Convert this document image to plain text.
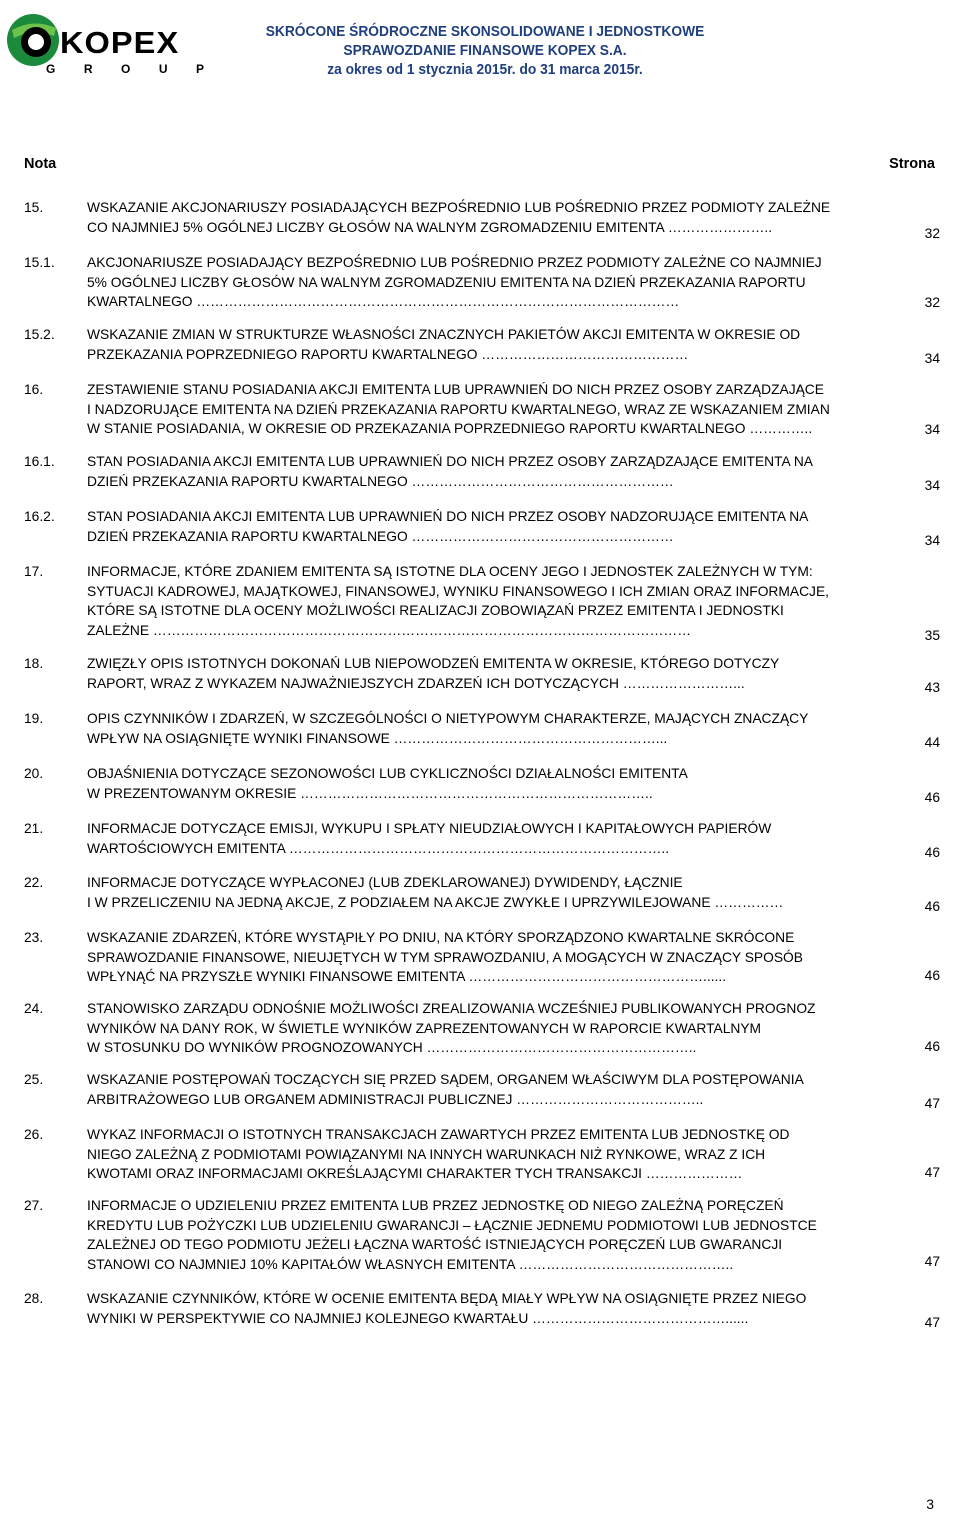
KOPEX
G R O U P
SKRÓCONE ŚRÓDROCZNE SKONSOLIDOWANE I JEDNOSTKOWE
SPRAWOZDANIE FINANSOWE KOPEX S.A.
za okres od 1 stycznia 2015r. do 31 marca 2015r.
Nota	Strona
15.	WSKAZANIE AKCJONARIUSZY POSIADAJĄCYCH BEZPOŚREDNIO LUB POŚREDNIO PRZEZ PODMIOTY ZALEŻNE
CO NAJMNIEJ 5% OGÓLNEJ LICZBY GŁOSÓW NA WALNYM ZGROMADZENIU EMITENTA …………………..	32
15.1. AKCJONARIUSZE POSIADAJĄCY BEZPOŚREDNIO LUB POŚREDNIO PRZEZ PODMIOTY ZALEŻNE CO NAJMNIEJ
5% OGÓLNEJ LICZBY GŁOSÓW NA WALNYM ZGROMADZENIU EMITENTA NA DZIEŃ PRZEKAZANIA RAPORTU
KWARTALNEGO ……………………………………………………………………………………………	32
15.2. WSKAZANIE ZMIAN W STRUKTURZE WŁASNOŚCI ZNACZNYCH PAKIETÓW AKCJI EMITENTA W OKRESIE OD
PRZEKAZANIA POPRZEDNIEGO RAPORTU KWARTALNEGO ………………………………………	34
16.	ZESTAWIENIE STANU POSIADANIA AKCJI EMITENTA LUB UPRAWNIEŃ DO NICH PRZEZ OSOBY ZARZĄDZAJĄCE
I NADZORUJĄCE EMITENTA NA DZIEŃ PRZEKAZANIA RAPORTU KWARTALNEGO, WRAZ ZE WSKAZANIEM ZMIAN
W STANIE POSIADANIA, W OKRESIE OD PRZEKAZANIA POPRZEDNIEGO RAPORTU KWARTALNEGO …………..	34
16.1. STAN POSIADANIA AKCJI EMITENTA LUB UPRAWNIEŃ DO NICH PRZEZ OSOBY ZARZĄDZAJĄCE EMITENTA NA
DZIEŃ PRZEKAZANIA RAPORTU KWARTALNEGO …………………………………………………	34
16.2. STAN POSIADANIA AKCJI EMITENTA LUB UPRAWNIEŃ DO NICH PRZEZ OSOBY NADZORUJĄCE EMITENTA NA
DZIEŃ PRZEKAZANIA RAPORTU KWARTALNEGO …………………………………………………	34
17.	INFORMACJE, KTÓRE ZDANIEM EMITENTA SĄ ISTOTNE DLA OCENY JEGO I JEDNOSTEK ZALEŻNYCH W TYM:
SYTUACJI KADROWEJ, MAJĄTKOWEJ, FINANSOWEJ, WYNIKU FINANSOWEGO I ICH ZMIAN ORAZ INFORMACJE,
KTÓRE SĄ ISTOTNE DLA OCENY MOŻLIWOŚCI REALIZACJI ZOBOWIĄZAŃ PRZEZ EMITENTA I JEDNOSTKI
ZALEŻNE ………………………………………………………………………………………………………	35
18.	ZWIĘZŁY OPIS ISTOTNYCH DOKONAŃ LUB NIEPOWODZEŃ EMITENTA W OKRESIE, KTÓREGO DOTYCZY
RAPORT, WRAZ Z WYKAZEM NAJWAŻNIEJSZYCH ZDARZEŃ ICH DOTYCZĄCYCH ……………………...	43
19.	OPIS CZYNNIKÓW I ZDARZEŃ, W SZCZEGÓLNOŚCI O NIETYPOWYM CHARAKTERZE, MAJĄCYCH ZNACZĄCY
WPŁYW NA OSIĄGNIĘTE WYNIKI FINANSOWE …………………………………………………...	44
20.	OBJAŚNIENIA DOTYCZĄCE SEZONOWOŚCI LUB CYKLICZNOŚCI DZIAŁALNOŚCI EMITENTA
W PREZENTOWANYM OKRESIE …………………………………………………………………..	46
21.	INFORMACJE DOTYCZĄCE EMISJI, WYKUPU I SPŁATY NIEUDZIAŁOWYCH I KAPITAŁOWYCH PAPIERÓW
WARTOŚCIOWYCH EMITENTA ………………………………………………………………………..	46
22.	INFORMACJE DOTYCZĄCE WYPŁACONEJ (LUB ZDEKLAROWANEJ) DYWIDENDY, ŁĄCZNIE
I W PRZELICZENIU NA JEDNĄ AKCJE, Z PODZIAŁEM NA AKCJE ZWYKŁE I UPRZYWILEJOWANE ……………	46
23.	WSKAZANIE ZDARZEŃ, KTÓRE WYSTĄPIŁY PO DNIU, NA KTÓRY SPORZĄDZONO KWARTALNE SKRÓCONE
SPRAWOZDANIE FINANSOWE, NIEUJĘTYCH W TYM SPRAWOZDANIU, A MOGĄCYCH W ZNACZĄCY SPOSÓB
WPŁYNĄĆ NA PRZYSZŁE WYNIKI FINANSOWE EMITENTA ……………………………………………......	46
24.	STANOWISKO ZARZĄDU ODNOŚNIE MOŻLIWOŚCI ZREALIZOWANIA WCZEŚNIEJ PUBLIKOWANYCH PROGNOZ
WYNIKÓW NA DANY ROK, W ŚWIETLE WYNIKÓW ZAPREZENTOWANYCH W RAPORCIE KWARTALNYM
W STOSUNKU DO WYNIKÓW PROGNOZOWANYCH …………………………………………………..	46
25.	WSKAZANIE POSTĘPOWAŃ TOCZĄCYCH SIĘ PRZED SĄDEM, ORGANEM WŁAŚCIWYM DLA POSTĘPOWANIA
ARBITRAŻOWEGO LUB ORGANEM ADMINISTRACJI PUBLICZNEJ …………………………………..	47
26.	WYKAZ INFORMACJI O ISTOTNYCH TRANSAKCJACH ZAWARTYCH PRZEZ EMITENTA LUB JEDNOSTKĘ OD
NIEGO ZALEŻNĄ Z PODMIOTAMI POWIĄZANYMI NA INNYCH WARUNKACH NIŻ RYNKOWE, WRAZ Z ICH
KWOTAMI ORAZ INFORMACJAMI OKREŚLAJĄCYMI CHARAKTER TYCH TRANSAKCJI …………………	47
27.	INFORMACJE O UDZIELENIU PRZEZ EMITENTA LUB PRZEZ JEDNOSTKĘ OD NIEGO ZALEŻNĄ PORĘCZEŃ
KREDYTU LUB POŻYCZKI LUB UDZIELENIU GWARANCJI – ŁĄCZNIE JEDNEMU PODMIOTOWI LUB JEDNOSTCE
ZALEŻNEJ OD TEGO PODMIOTU JEŻELI ŁĄCZNA WARTOŚĆ ISTNIEJĄCYCH PORĘCZEŃ LUB GWARANCJI
STANOWI CO NAJMNIEJ 10% KAPITAŁÓW WŁASNYCH EMITENTA ………………………………………..	47
28.	WSKAZANIE CZYNNIKÓW, KTÓRE W OCENIE EMITENTA BĘDĄ MIAŁY WPŁYW NA OSIĄGNIĘTE PRZEZ NIEGO
WYNIKI W PERSPEKTYWIE CO NAJMNIEJ KOLEJNEGO KWARTAŁU ……………………………………......	47
3
